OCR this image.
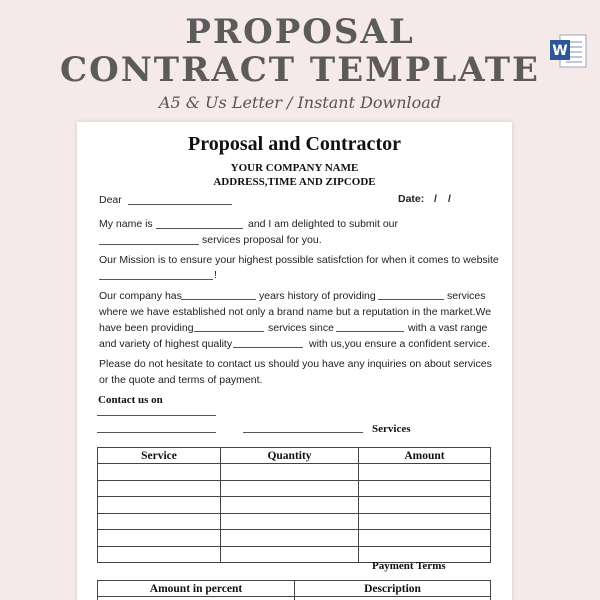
PROPOSAL
CONTRACT TEMPLATE
A5 & Us Letter / Instant Download
W
Proposal and Contractor
YOUR COMPANY NAME
ADDRESS,TIME AND ZIPCODE
Dear	Date: / /
My name is	and I am delighted to submit our
services proposal for you.
Our Mission is to ensure your highest possible satisfction for when it comes to website
!
Our company has	years history of providing	services
where we have established not only a brand name but a reputation in the market.We
have been providing	services since	with a vast range
and variety of highest quality	with us,you ensure a confident service.
Please do not hesitate to contact us should you have any inquiries on about services
or the quote and terms of payment.
Contact us on
Services
Service	Quantity	Amount

Payment Terms
Amount in percent	Description
